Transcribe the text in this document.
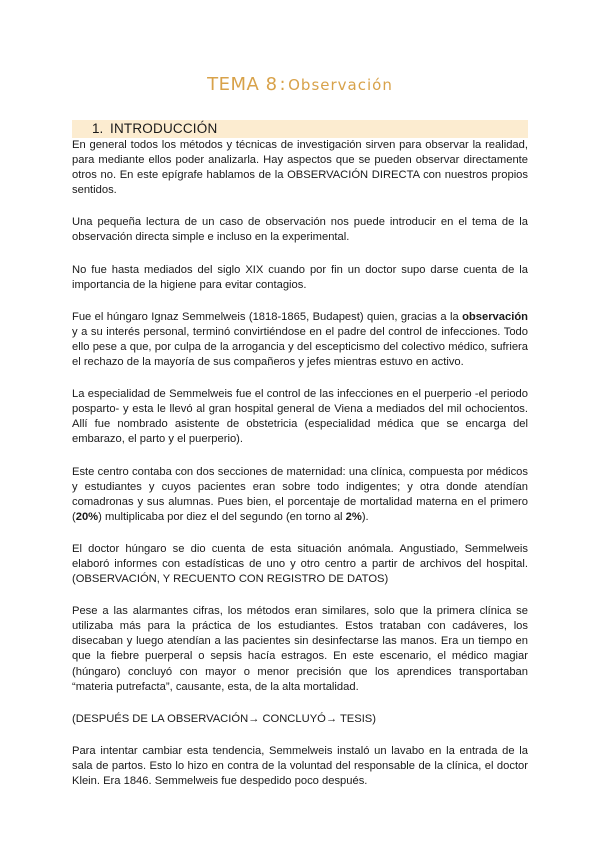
TEMA 8 : Observación
1. INTRODUCCIÓN

En general todos los métodos y técnicas de investigación sirven para observar la realidad, para mediante ellos poder analizarla. Hay aspectos que se pueden observar directamente otros no. En este epígrafe hablamos de la OBSERVACIÓN DIRECTA con nuestros propios sentidos.

Una pequeña lectura de un caso de observación nos puede introducir en el tema de la observación directa simple e incluso en la experimental.

No fue hasta mediados del siglo XIX cuando por fin un doctor supo darse cuenta de la importancia de la higiene para evitar contagios.

Fue el húngaro Ignaz Semmelweis (1818-1865, Budapest) quien, gracias a la observación y a su interés personal, terminó convirtiéndose en el padre del control de infecciones. Todo ello pese a que, por culpa de la arrogancia y del escepticismo del colectivo médico, sufriera el rechazo de la mayoría de sus compañeros y jefes mientras estuvo en activo.

La especialidad de Semmelweis fue el control de las infecciones en el puerperio -el periodo posparto- y esta le llevó al gran hospital general de Viena a mediados del mil ochocientos. Allí fue nombrado asistente de obstetricia (especialidad médica que se encarga del embarazo, el parto y el puerperio).

Este centro contaba con dos secciones de maternidad: una clínica, compuesta por médicos y estudiantes y cuyos pacientes eran sobre todo indigentes; y otra donde atendían comadronas y sus alumnas. Pues bien, el porcentaje de mortalidad materna en el primero (20%) multiplicaba por diez el del segundo (en torno al 2%).

El doctor húngaro se dio cuenta de esta situación anómala. Angustiado, Semmelweis elaboró informes con estadísticas de uno y otro centro a partir de archivos del hospital. (OBSERVACIÓN, Y RECUENTO CON REGISTRO DE DATOS)

Pese a las alarmantes cifras, los métodos eran similares, solo que la primera clínica se utilizaba más para la práctica de los estudiantes. Estos trataban con cadáveres, los disecaban y luego atendían a las pacientes sin desinfectarse las manos. Era un tiempo en que la fiebre puerperal o sepsis hacía estragos. En este escenario, el médico magiar (húngaro) concluyó con mayor o menor precisión que los aprendices transportaban “materia putrefacta”, causante, esta, de la alta mortalidad.

(DESPUÉS DE LA OBSERVACIÓN→ CONCLUYÓ→ TESIS)

Para intentar cambiar esta tendencia, Semmelweis instaló un lavabo en la entrada de la sala de partos. Esto lo hizo en contra de la voluntad del responsable de la clínica, el doctor Klein. Era 1846. Semmelweis fue despedido poco después.
